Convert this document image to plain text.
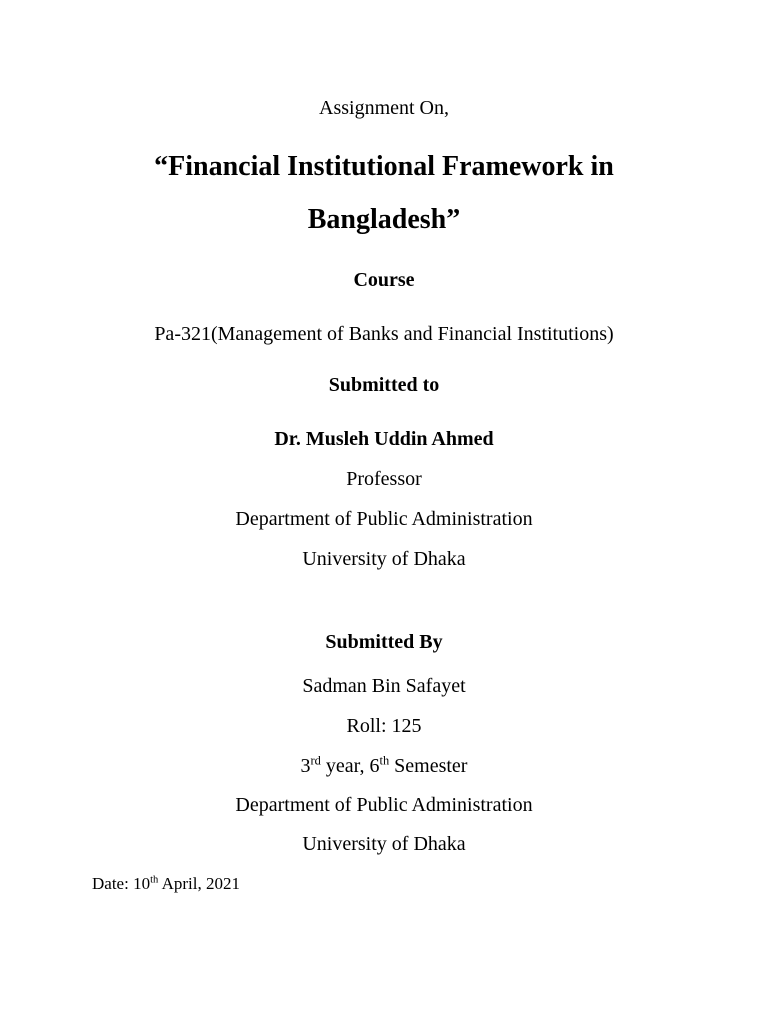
Assignment On,
“Financial Institutional Framework in
Bangladesh”
Course
Pa-321(Management of Banks and Financial Institutions)
Submitted to
Dr. Musleh Uddin Ahmed
Professor
Department of Public Administration
University of Dhaka
Submitted By
Sadman Bin Safayet
Roll: 125
3rd year, 6th Semester
Department of Public Administration
University of Dhaka
Date: 10th April, 2021
